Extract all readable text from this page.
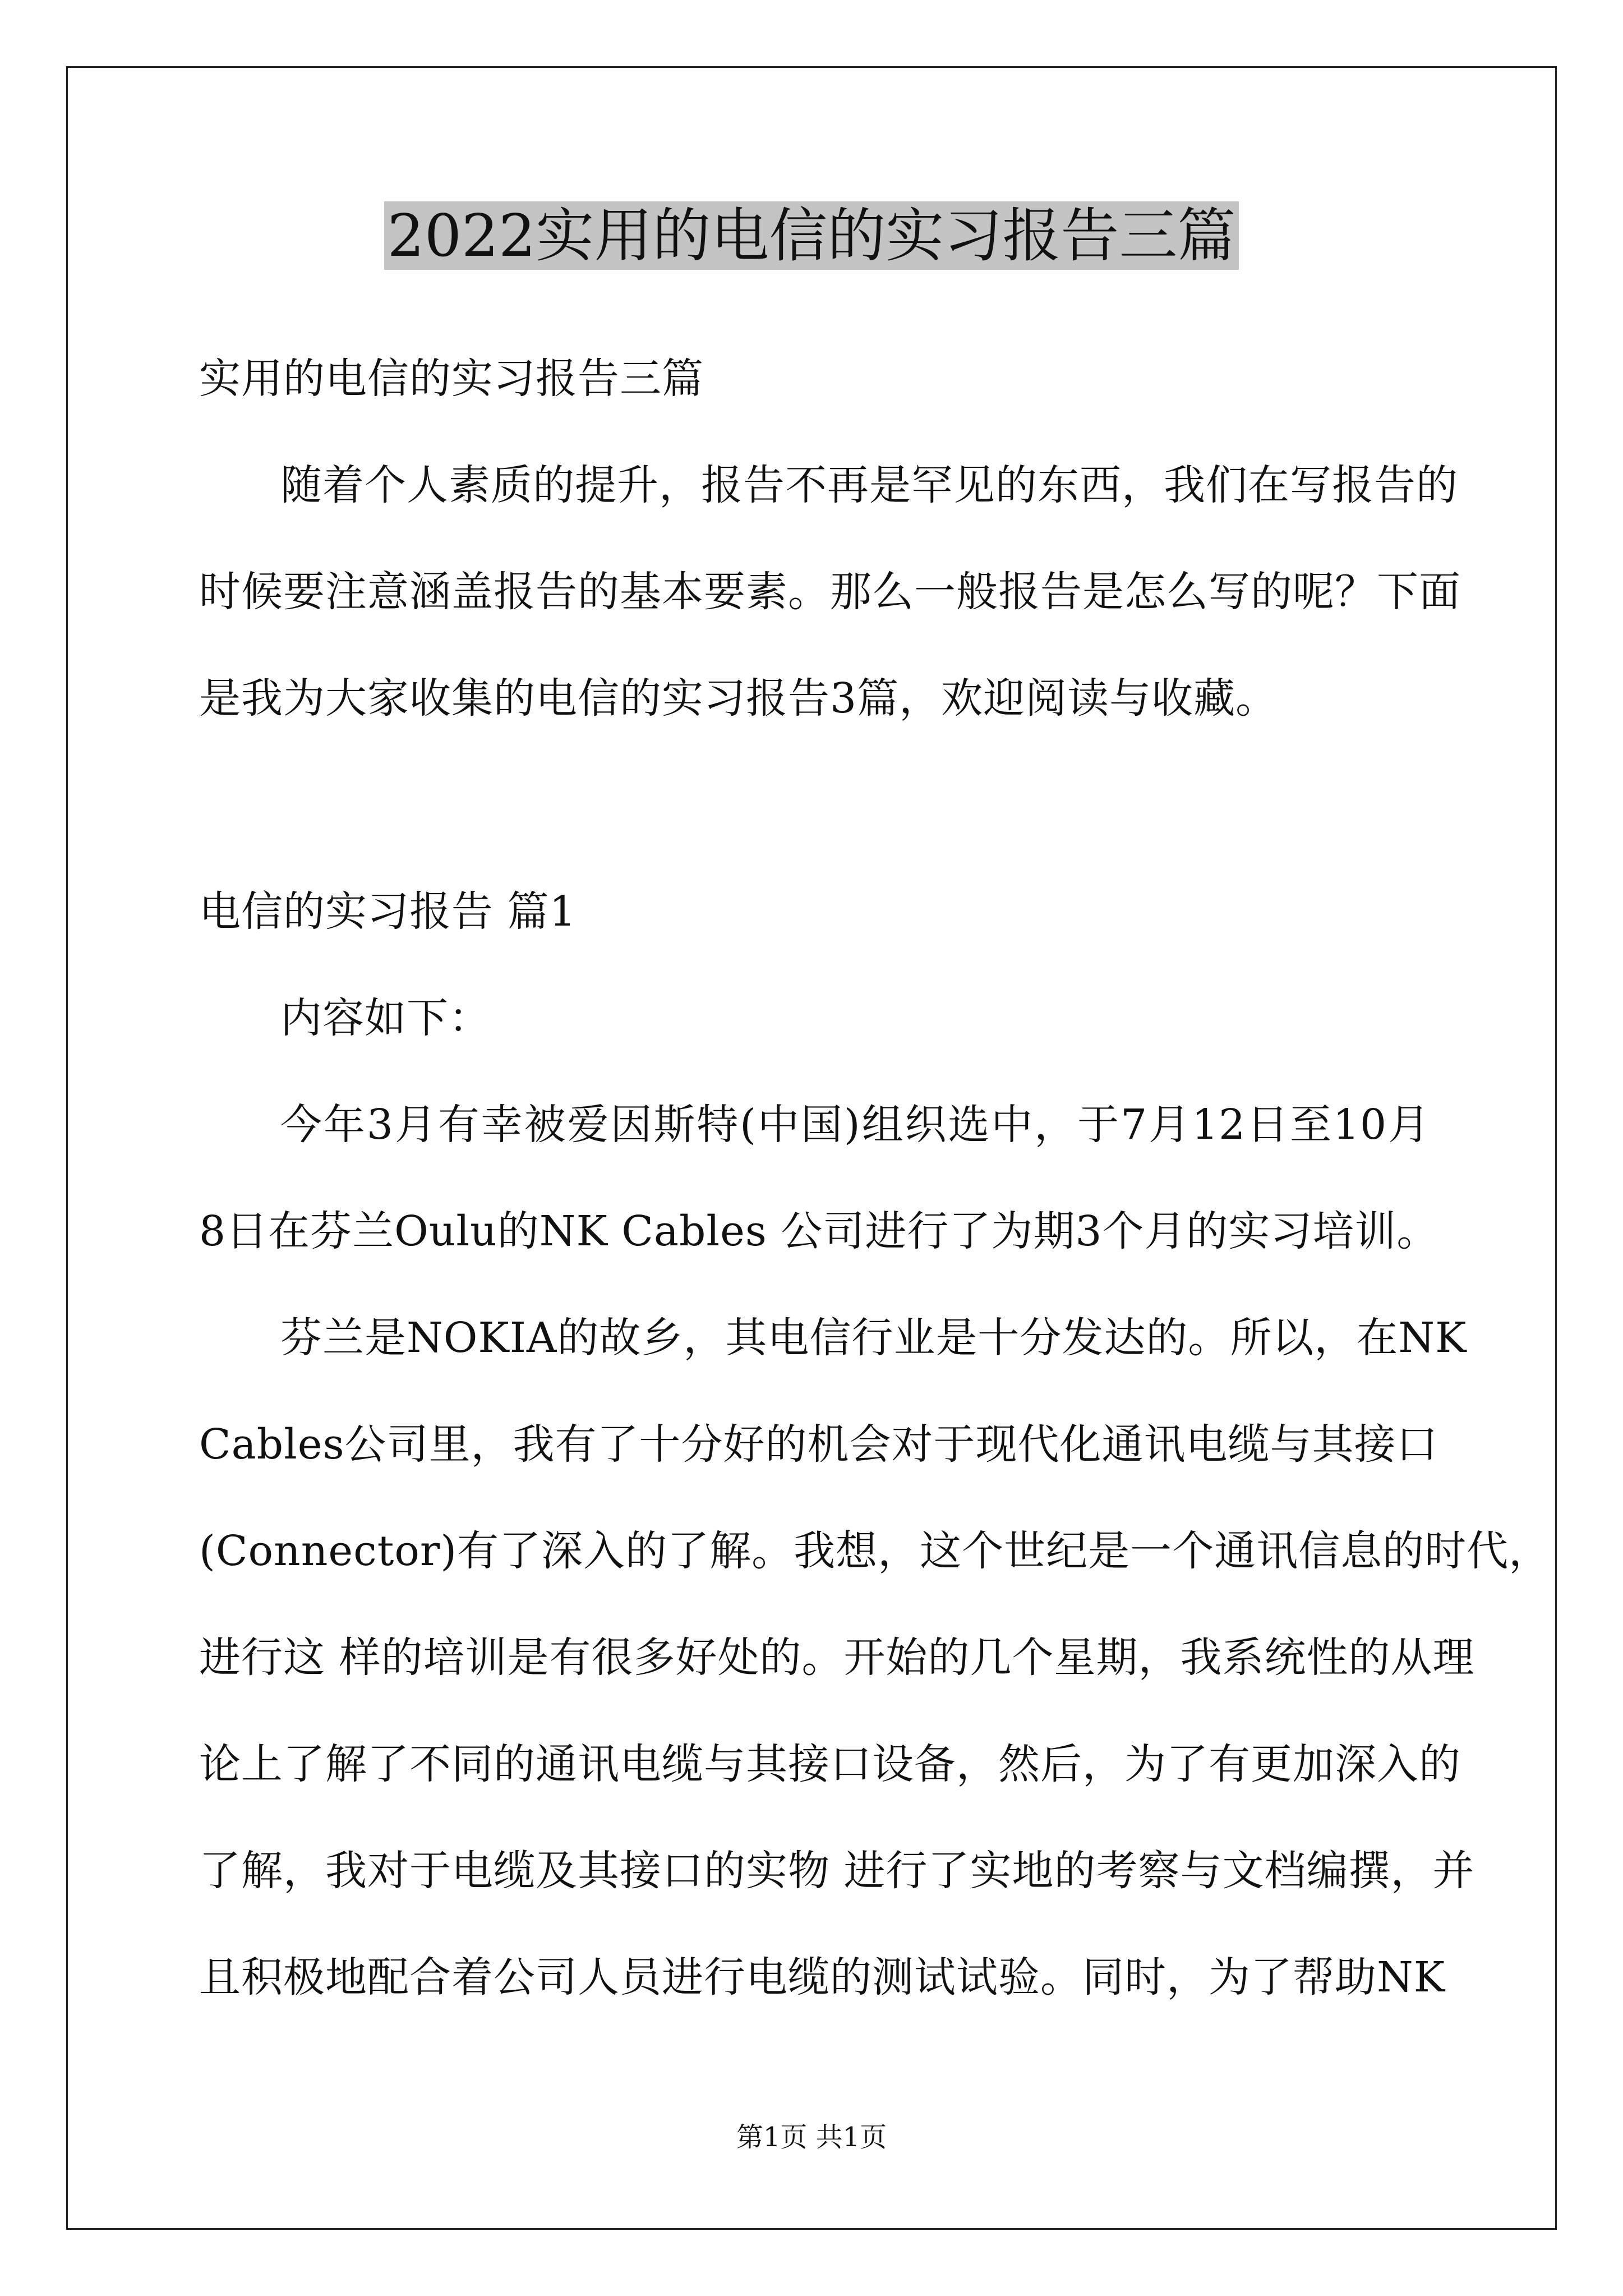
2022实用的电信的实习报告三篇
实用的电信的实习报告三篇
随着个人素质的提升，报告不再是罕见的东西，我们在写报告的
时候要注意涵盖报告的基本要素。那么一般报告是怎么写的呢？下面
是我为大家收集的电信的实习报告3篇，欢迎阅读与收藏。
电信的实习报告 篇1
内容如下：
今年3月有幸被爱因斯特(中国)组织选中，于7月12日至10月
8日在芬兰Oulu的NK Cables 公司进行了为期3个月的实习培训。
芬兰是NOKIA的故乡，其电信行业是十分发达的。所以，在NK
Cables公司里，我有了十分好的机会对于现代化通讯电缆与其接口
(Connector)有了深入的了解。我想，这个世纪是一个通讯信息的时代，
进行这 样的培训是有很多好处的。开始的几个星期，我系统性的从理
论上了解了不同的通讯电缆与其接口设备，然后，为了有更加深入的
了解，我对于电缆及其接口的实物 进行了实地的考察与文档编撰，并
且积极地配合着公司人员进行电缆的测试试验。同时，为了帮助NK
第1页 共1页
